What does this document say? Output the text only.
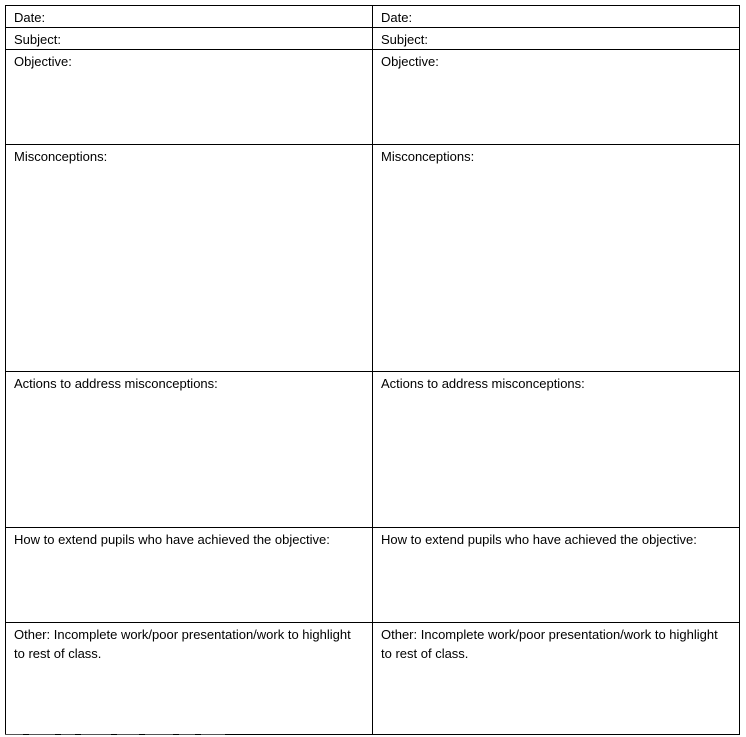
Date:	Date:
Subject:	Subject:
Objective:	Objective:
Misconceptions:	Misconceptions:
Actions to address misconceptions:	Actions to address misconceptions:
How to extend pupils who have achieved the objective:	How to extend pupils who have achieved the objective:
Other: Incomplete work/poor presentation/work to highlight to rest of class.	Other: Incomplete work/poor presentation/work to highlight to rest of class.
